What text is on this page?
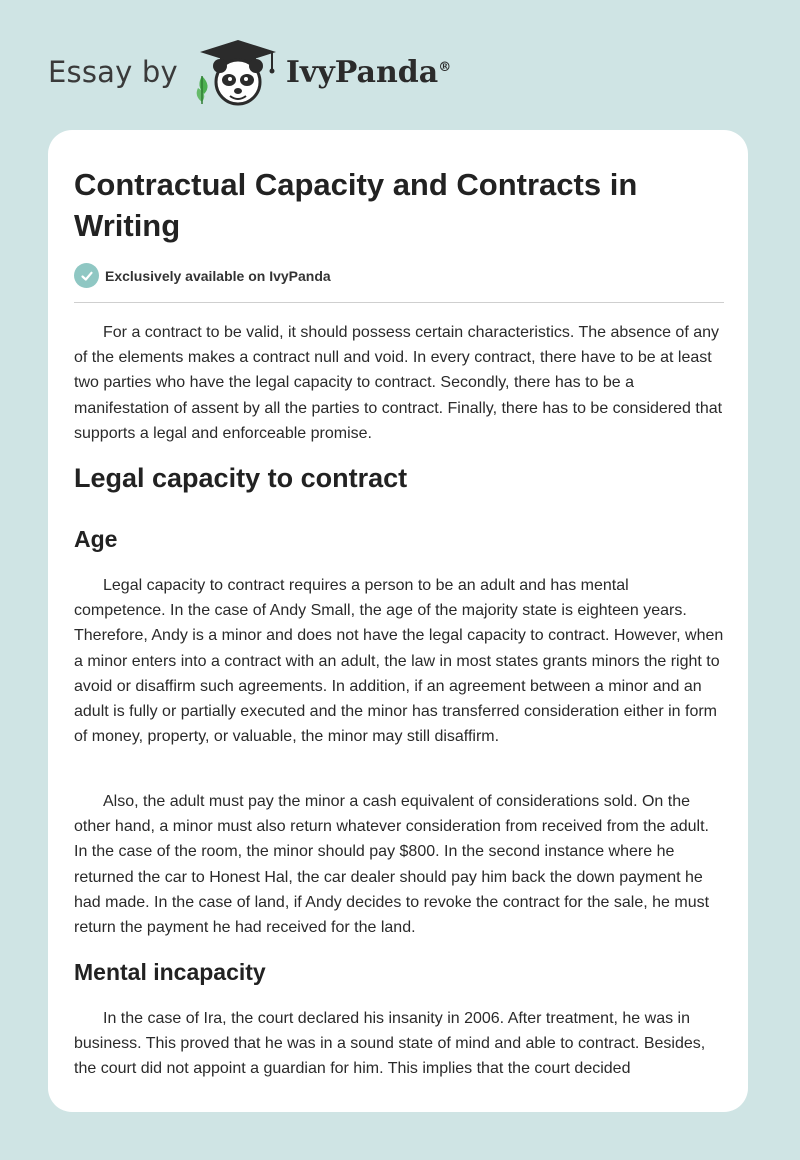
Essay by	IvyPanda®
Contractual Capacity and Contracts in Writing
Exclusively available on IvyPanda

For a contract to be valid, it should possess certain characteristics. The absence of any of the elements makes a contract null and void. In every contract, there have to be at least two parties who have the legal capacity to contract. Secondly, there has to be a manifestation of assent by all the parties to contract. Finally, there has to be considered that supports a legal and enforceable promise.

Legal capacity to contract
Age

Legal capacity to contract requires a person to be an adult and has mental competence. In the case of Andy Small, the age of the majority state is eighteen years. Therefore, Andy is a minor and does not have the legal capacity to contract. However, when a minor enters into a contract with an adult, the law in most states grants minors the right to avoid or disaffirm such agreements. In addition, if an agreement between a minor and an adult is fully or partially executed and the minor has transferred consideration either in form of money, property, or valuable, the minor may still disaffirm.

Also, the adult must pay the minor a cash equivalent of considerations sold. On the other hand, a minor must also return whatever consideration from received from the adult. In the case of the room, the minor should pay $800. In the second instance where he returned the car to Honest Hal, the car dealer should pay him back the down payment he had made. In the case of land, if Andy decides to revoke the contract for the sale, he must return the payment he had received for the land.

Mental incapacity

In the case of Ira, the court declared his insanity in 2006. After treatment, he was in business. This proved that he was in a sound state of mind and able to contract. Besides, the court did not appoint a guardian for him. This implies that the court decided
